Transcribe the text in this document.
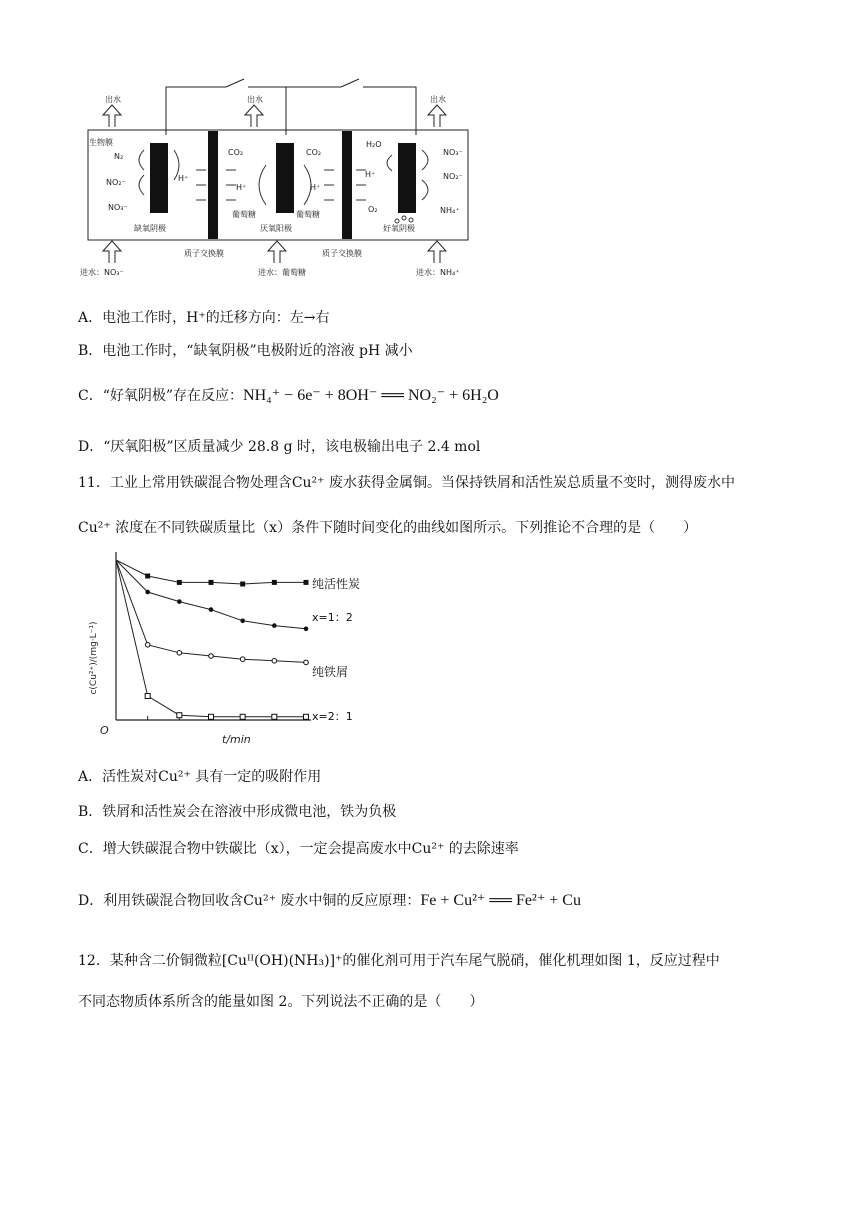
出水	出水	出水
生物膜
N₂
NO₂⁻
NO₃⁻
H⁺
CO₂	CO₂
H⁺	H⁺
葡萄糖	葡萄糖
H₂O
H⁺
O₂
NO₃⁻
NO₂⁻
NH₄⁺
缺氧阴极	厌氧阳极	好氧阴极
质子交换膜	质子交换膜
进水：NO₃⁻	进水：葡萄糖	进水：NH₄⁺
A．电池工作时，H⁺的迁移方向：左→右
B．电池工作时，“缺氧阴极”电极附近的溶液 pH 减小
C．“好氧阴极”存在反应：NH₄⁺ − 6e⁻ + 8OH⁻ ══ NO₂⁻ + 6H₂O
D．“厌氧阳极”区质量减少 28.8 g 时，该电极输出电子 2.4 mol
11．工业上常用铁碳混合物处理含Cu²⁺ 废水获得金属铜。当保持铁屑和活性炭总质量不变时，测得废水中
Cu²⁺ 浓度在不同铁碳质量比（x）条件下随时间变化的曲线如图所示。下列推论不合理的是（　　）
纯活性炭
x=1：2
纯铁屑
x=2：1
c(Cu²⁺)/(mg·L⁻¹)
t/min
O
A．活性炭对Cu²⁺ 具有一定的吸附作用
B．铁屑和活性炭会在溶液中形成微电池，铁为负极
C．增大铁碳混合物中铁碳比（x），一定会提高废水中Cu²⁺ 的去除速率
D．利用铁碳混合物回收含Cu²⁺ 废水中铜的反应原理：Fe + Cu²⁺ ══ Fe²⁺ + Cu
12．某种含二价铜微粒[Cuᴵᴵ(OH)(NH₃)]⁺的催化剂可用于汽车尾气脱硝，催化机理如图 1，反应过程中
不同态物质体系所含的能量如图 2。下列说法不正确的是（　　）
